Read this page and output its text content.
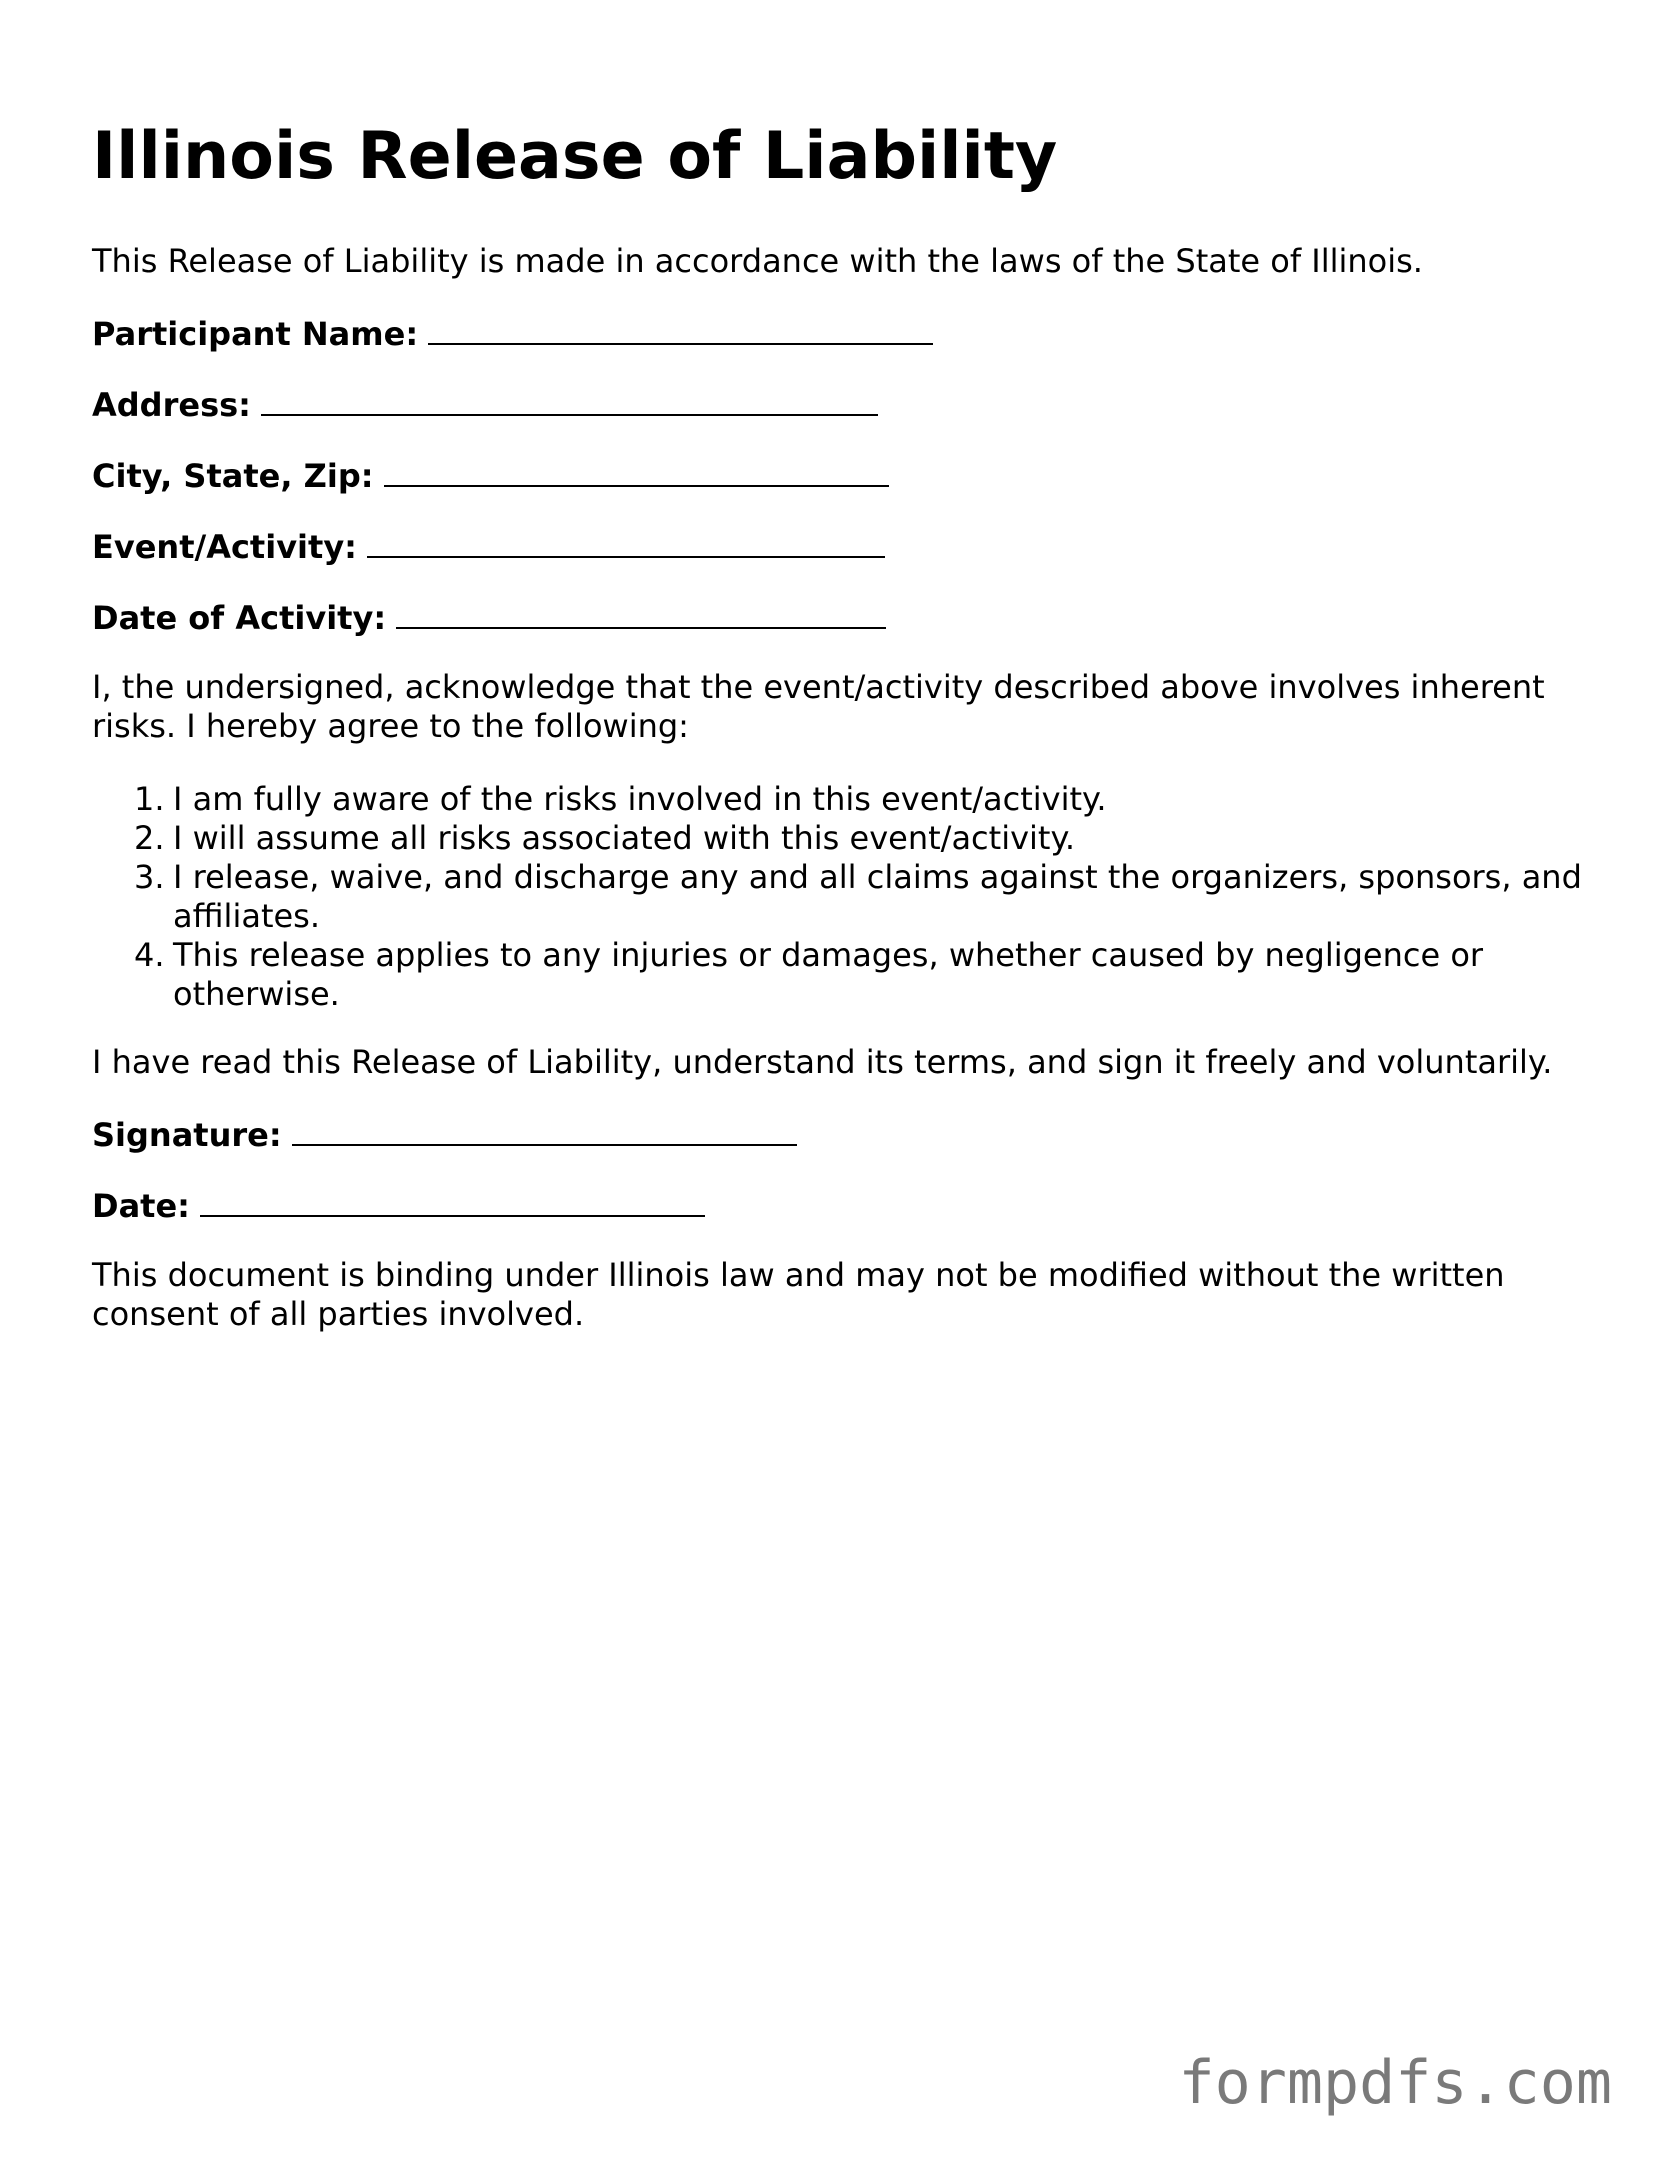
Illinois Release of Liability

This Release of Liability is made in accordance with the laws of the State of Illinois.

Participant Name:

Address:

City, State, Zip:

Event/Activity:

Date of Activity:

I, the undersigned, acknowledge that the event/activity described above involves inherent risks. I hereby agree to the following:

1. I am fully aware of the risks involved in this event/activity.
2. I will assume all risks associated with this event/activity.
3. I release, waive, and discharge any and all claims against the organizers, sponsors, and affiliates.
4. This release applies to any injuries or damages, whether caused by negligence or otherwise.

I have read this Release of Liability, understand its terms, and sign it freely and voluntarily.

Signature:

Date:

This document is binding under Illinois law and may not be modified without the written consent of all parties involved.

formpdfs.com
